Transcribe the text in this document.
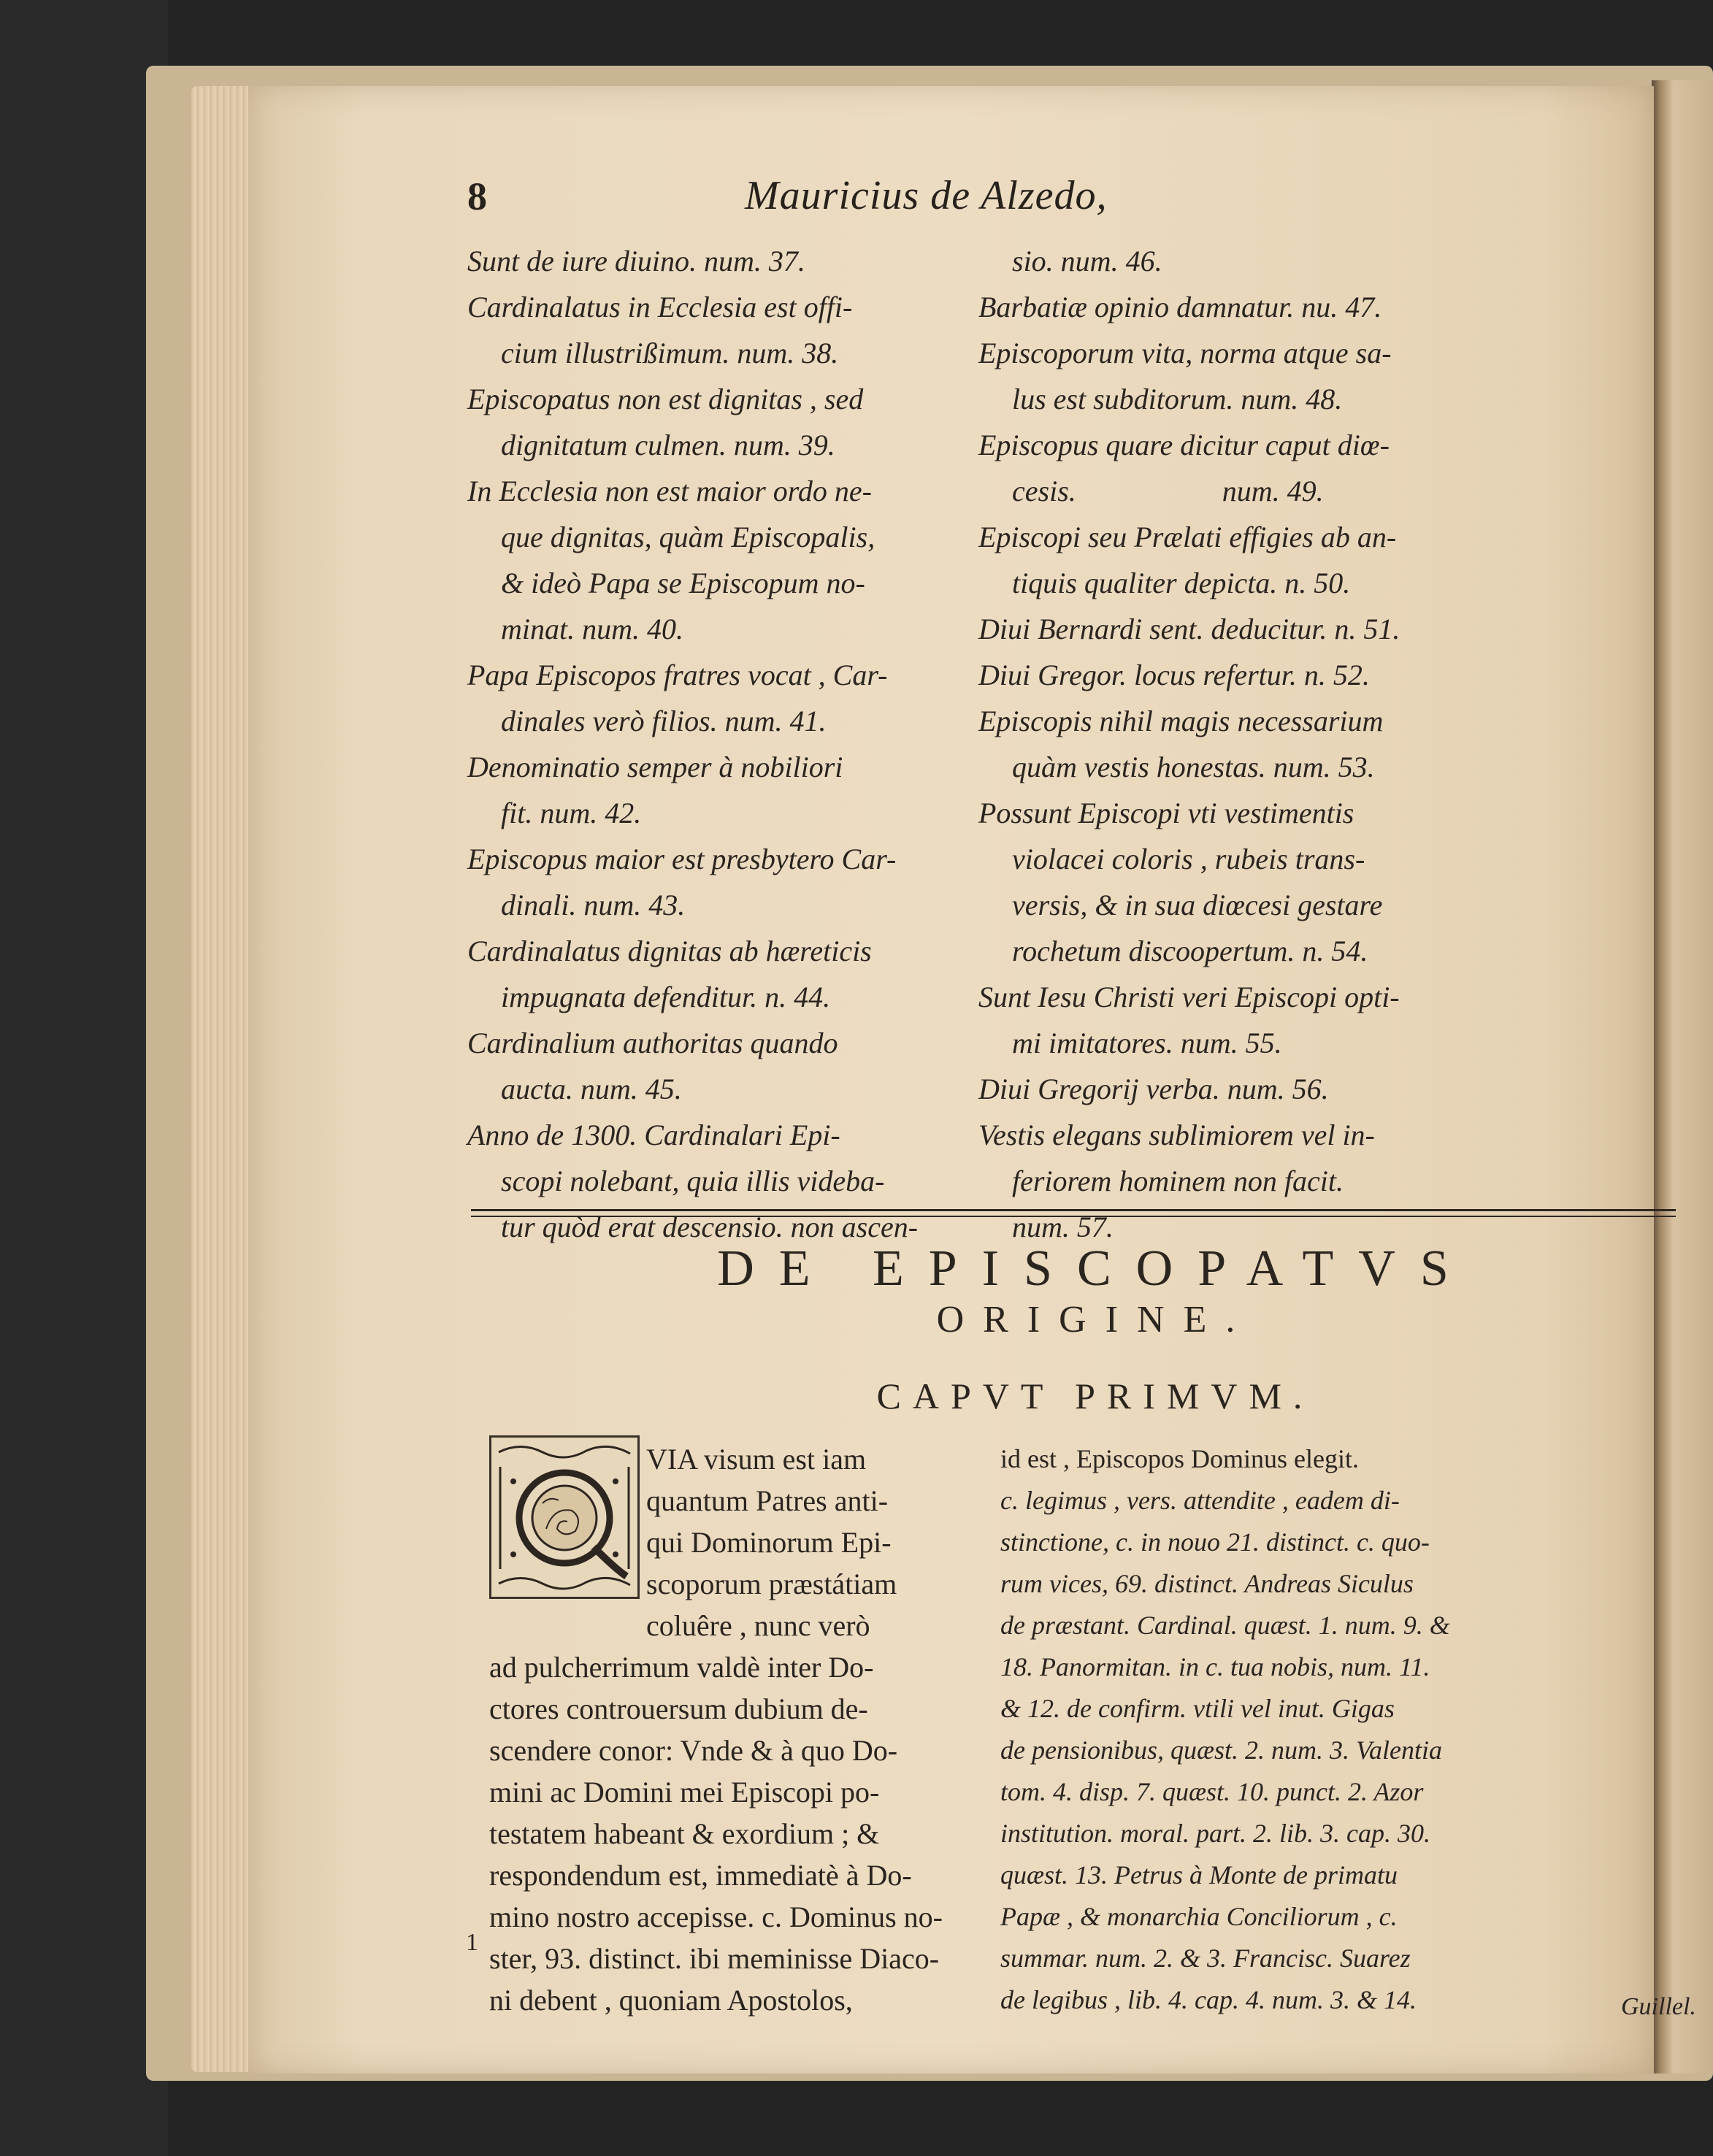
8	Mauricius de Alzedo,
Sunt de iure diuino. num. 37.
Cardinalatus in Ecclesia est offi-
cium illustrißimum. num. 38.
Episcopatus non est dignitas , sed
dignitatum culmen. num. 39.
In Ecclesia non est maior ordo ne-
que dignitas, quàm Episcopalis,
& ideò Papa se Episcopum no-
minat. num. 40.
Papa Episcopos fratres vocat , Car-
dinales verò filios. num. 41.
Denominatio semper à nobiliori
fit. num. 42.
Episcopus maior est presbytero Car-
dinali. num. 43.
Cardinalatus dignitas ab hæreticis
impugnata defenditur. n. 44.
Cardinalium authoritas quando
aucta. num. 45.
Anno de 1300. Cardinalari Epi-
scopi nolebant, quia illis videba-
tur quòd erat descensio. non ascen-
sio. num. 46.
Barbatiæ opinio damnatur. nu. 47.
Episcoporum vita, norma atque sa-
lus est subditorum. num. 48.
Episcopus quare dicitur caput diœ-
cesis.                    num. 49.
Episcopi seu Prælati effigies ab an-
tiquis qualiter depicta. n. 50.
Diui Bernardi sent. deducitur. n. 51.
Diui Gregor. locus refertur. n. 52.
Episcopis nihil magis necessarium
quàm vestis honestas. num. 53.
Possunt Episcopi vti vestimentis
violacei coloris , rubeis trans-
versis, & in sua diœcesi gestare
rochetum discoopertum. n. 54.
Sunt Iesu Christi veri Episcopi opti-
mi imitatores. num. 55.
Diui Gregorij verba. num. 56.
Vestis elegans sublimiorem vel in-
feriorem hominem non facit.
num. 57.
DE EPISCOPATVS
ORIGINE.
CAPVT PRIMVM.
VIA visum est iam
quantum Patres anti-
qui Dominorum Epi-
scoporum præstátiam
coluêre , nunc verò
ad pulcherrimum valdè inter Do-
ctores controuersum dubium de-
scendere conor: Vnde & à quo Do-
mini ac Domini mei Episcopi po-
testatem habeant & exordium ; &
respondendum est, immediatè à Do-
mino nostro accepisse. c. Dominus no-
ster, 93. distinct. ibi meminisse Diaco-
ni debent , quoniam Apostolos,
id est , Episcopos Dominus elegit.
c. legimus , vers. attendite , eadem di-
stinctione, c. in nouo 21. distinct. c. quo-
rum vices, 69. distinct. Andreas Siculus
de præstant. Cardinal. quæst. 1. num. 9. &
18. Panormitan. in c. tua nobis, num. 11.
& 12. de confirm. vtili vel inut. Gigas
de pensionibus, quæst. 2. num. 3. Valentia
tom. 4. disp. 7. quæst. 10. punct. 2. Azor
institution. moral. part. 2. lib. 3. cap. 30.
quæst. 13. Petrus à Monte de primatu
Papæ , & monarchia Conciliorum , c.
summar. num. 2. & 3. Francisc. Suarez
de legibus , lib. 4. cap. 4. num. 3. & 14.
1
Guillel.
